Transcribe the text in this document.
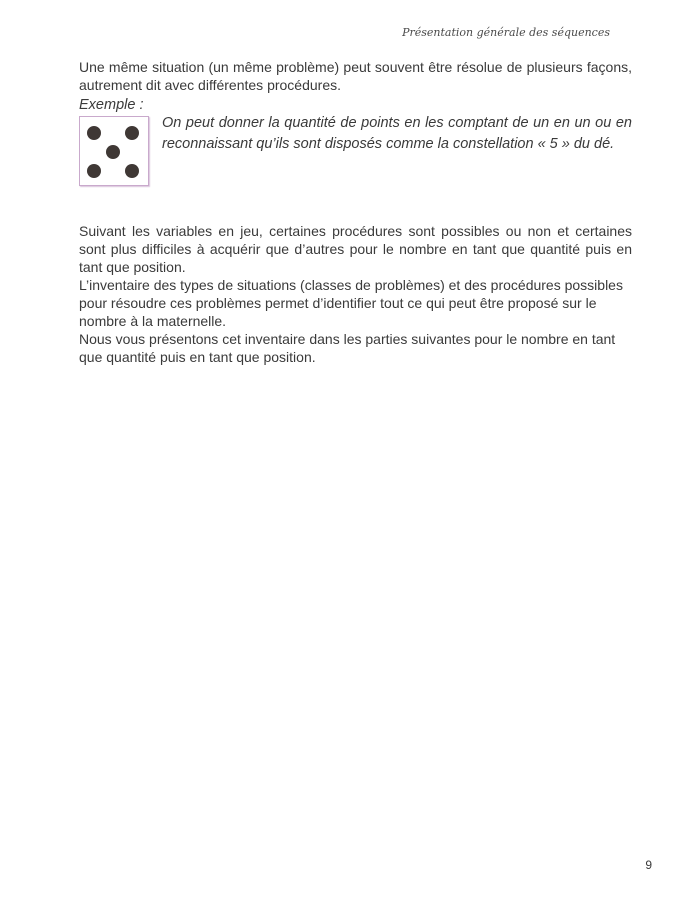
Présentation générale des séquences

Une même situation (un même problème) peut souvent être résolue de plusieurs façons, autrement dit avec différentes procédures.

Exemple :

On peut donner la quantité de points en les comptant de un en un ou en reconnaissant qu’ils sont disposés comme la constellation « 5 » du dé.

Suivant les variables en jeu, certaines procédures sont possibles ou non et certaines sont plus difficiles à acquérir que d’autres pour le nombre en tant que quantité puis en tant que position.

L’inventaire des types de situations (classes de problèmes) et des procédures possibles pour résoudre ces problèmes permet d’identifier tout ce qui peut être proposé sur le nombre à la maternelle.

Nous vous présentons cet inventaire dans les parties suivantes pour le nombre en tant que quantité puis en tant que position.

9
